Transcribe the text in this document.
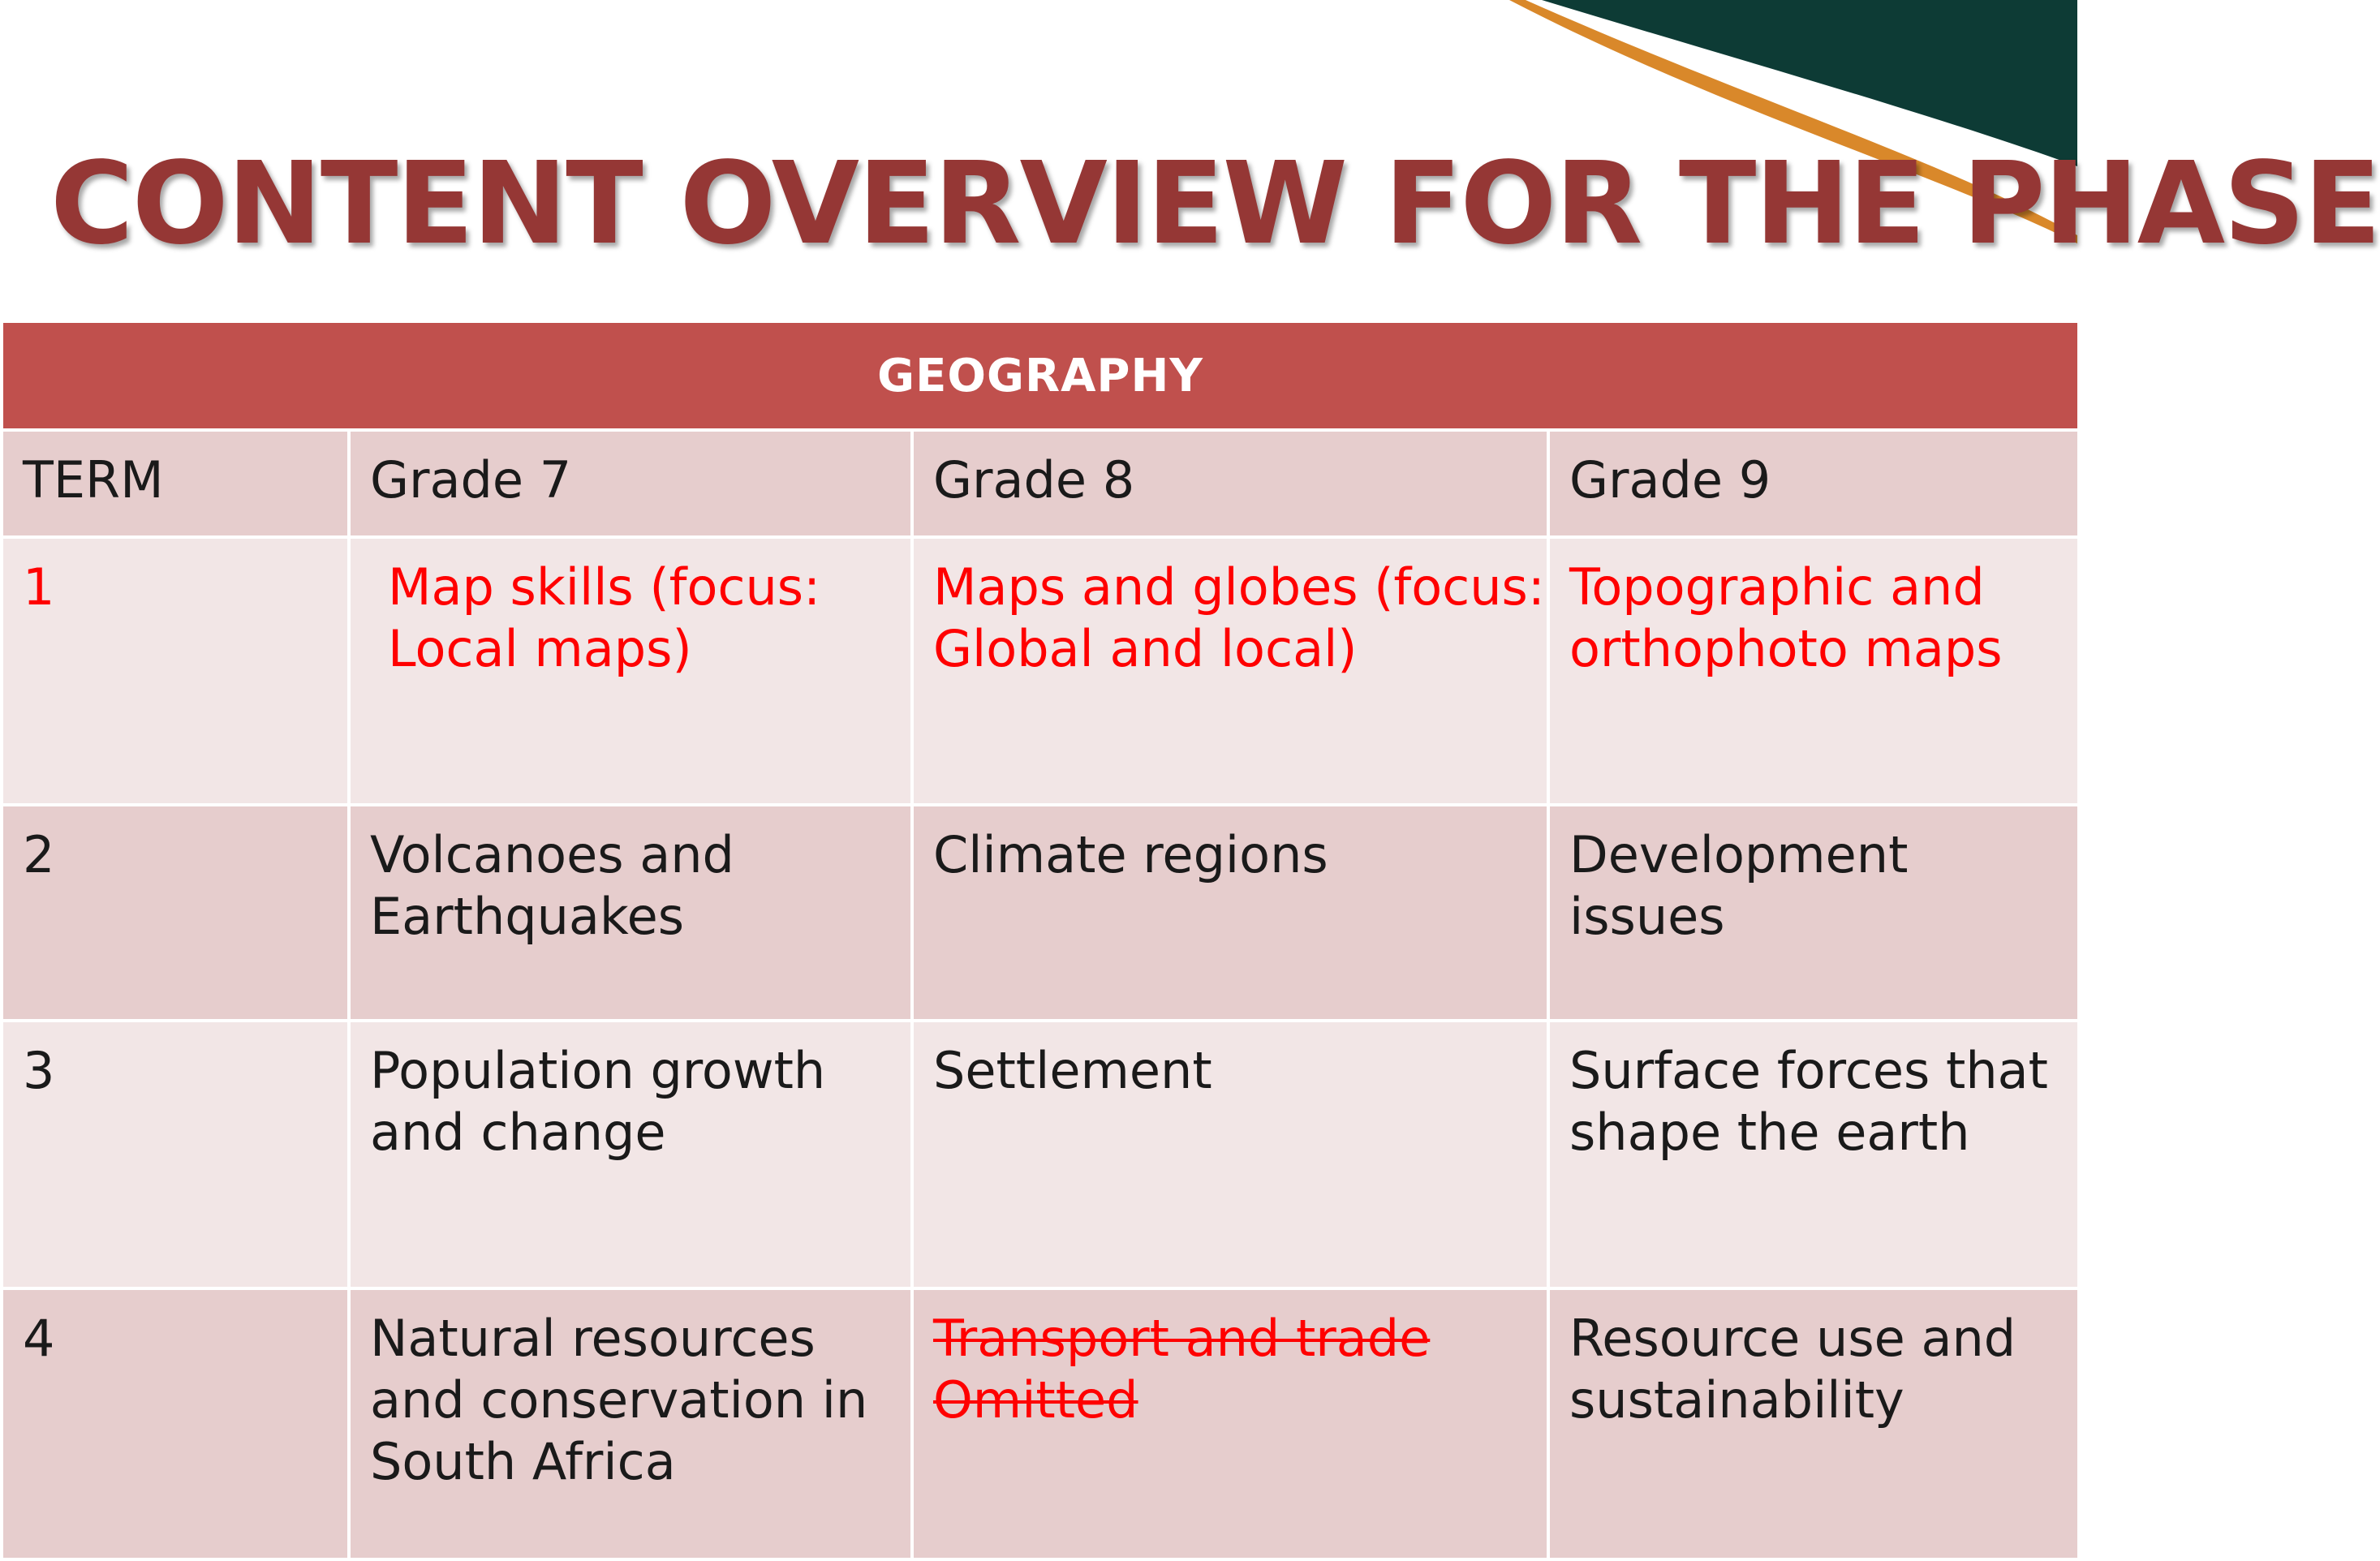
CONTENT OVERVIEW FOR THE PHASE
GEOGRAPHY			

TERM	Grade 7	Grade 8	Grade 9

1	Map skills (focus: Local maps)	Maps and globes (focus: Global and local)	Topographic and orthophoto maps

2	Volcanoes and Earthquakes	Climate regions	Development issues

3	Population growth and change	Settlement	Surface forces that shape the earth

4	Natural resources and conservation in South Africa	Transport and trade Omitted	Resource use and sustainability
